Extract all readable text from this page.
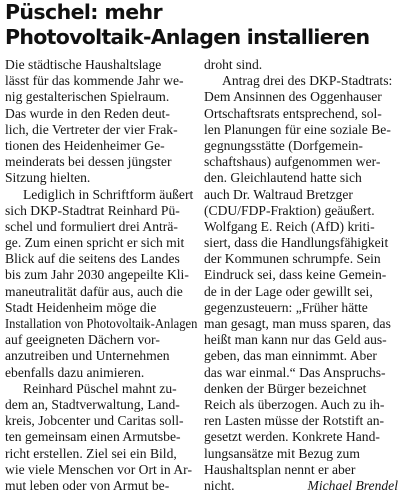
Püschel: mehr
Photovoltaik-Anlagen installieren
Die städtische Haushaltslage
lässt für das kommende Jahr we-
nig gestalterischen Spielraum.
Das wurde in den Reden deut-
lich, die Vertreter der vier Frak-
tionen des Heidenheimer Ge-
meinderats bei dessen jüngster
Sitzung hielten.
Lediglich in Schriftform äußert
sich DKP-Stadtrat Reinhard Pü-
schel und formuliert drei Anträ-
ge. Zum einen spricht er sich mit
Blick auf die seitens des Landes
bis zum Jahr 2030 angepeilte Kli-
maneutralität dafür aus, auch die
Stadt Heidenheim möge die
Installation von Photovoltaik-Anlagen
auf geeigneten Dächern vor-
anzutreiben und Unternehmen
ebenfalls dazu animieren.
Reinhard Püschel mahnt zu-
dem an, Stadtverwaltung, Land-
kreis, Jobcenter und Caritas soll-
ten gemeinsam einen Armutsbe-
richt erstellen. Ziel sei ein Bild,
wie viele Menschen vor Ort in Ar-
mut leben oder von Armut be-
droht sind.
Antrag drei des DKP-Stadtrats:
Dem Ansinnen des Oggenhauser
Ortschaftsrats entsprechend, sol-
len Planungen für eine soziale Be-
gegnungsstätte (Dorfgemein-
schaftshaus) aufgenommen wer-
den. Gleichlautend hatte sich
auch Dr. Waltraud Bretzger
(CDU/FDP-Fraktion) geäußert.
Wolfgang E. Reich (AfD) kriti-
siert, dass die Handlungsfähigkeit
der Kommunen schrumpfe. Sein
Eindruck sei, dass keine Gemein-
de in der Lage oder gewillt sei,
gegenzusteuern: „Früher hätte
man gesagt, man muss sparen, das
heißt man kann nur das Geld aus-
geben, das man einnimmt. Aber
das war einmal.“ Das Anspruchs-
denken der Bürger bezeichnet
Reich als überzogen. Auch zu ih-
ren Lasten müsse der Rotstift an-
gesetzt werden. Konkrete Hand-
lungsansätze mit Bezug zum
Haushaltsplan nennt er aber
nicht.	Michael Brendel
